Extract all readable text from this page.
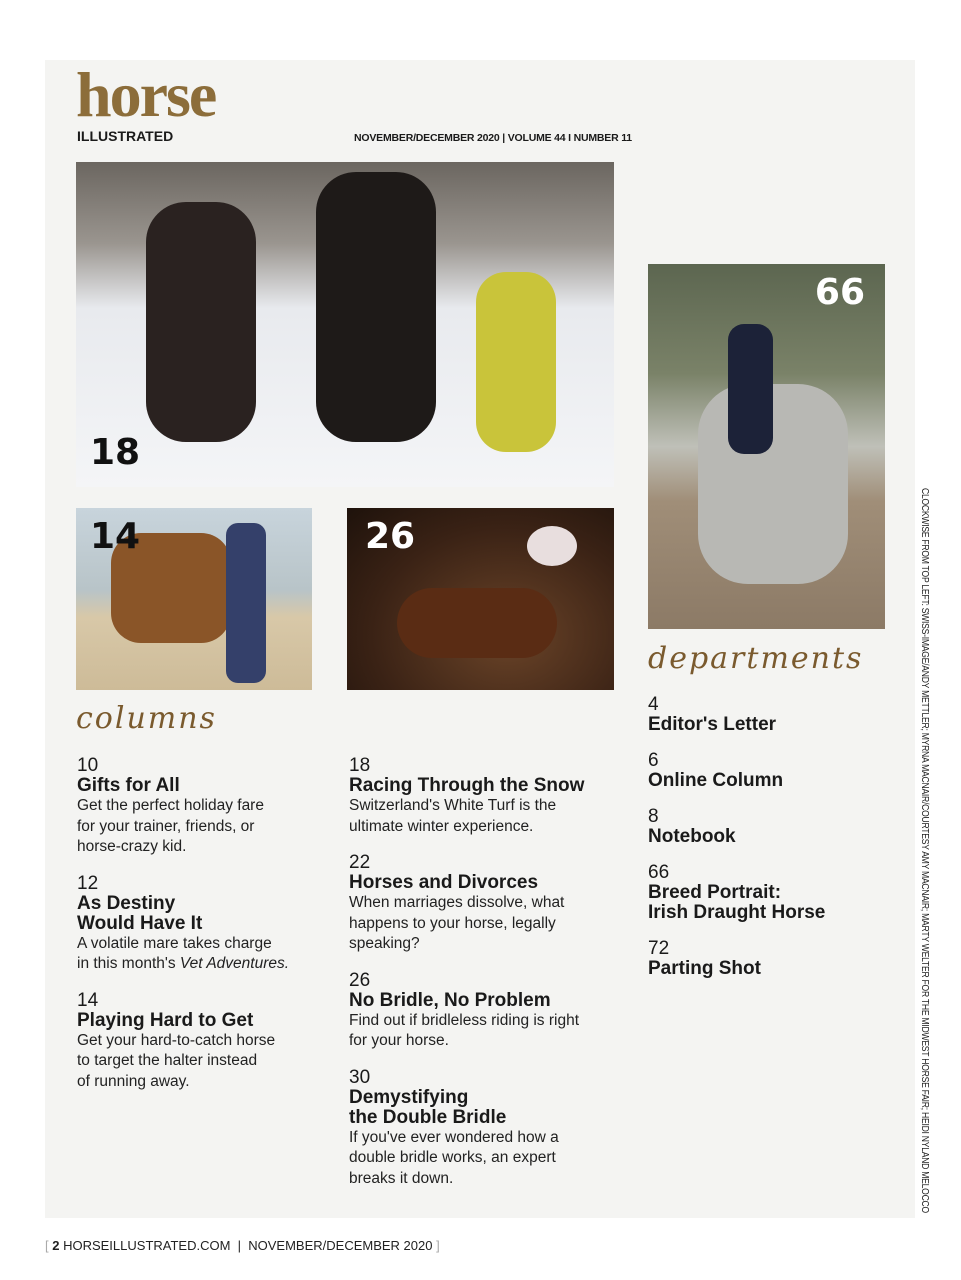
horse
ILLUSTRATED	NOVEMBER/DECEMBER 2020 | VOLUME 44 I NUMBER 11
18
14	26
66
columns
departments
10
Gifts for All
Get the perfect holiday fare
for your trainer, friends, or
horse-crazy kid.
12
As Destiny
Would Have It
A volatile mare takes charge
in this month's Vet Adventures.
14
Playing Hard to Get
Get your hard-to-catch horse
to target the halter instead
of running away.
18
Racing Through the Snow
Switzerland's White Turf is the
ultimate winter experience.
22
Horses and Divorces
When marriages dissolve, what
happens to your horse, legally
speaking?
26
No Bridle, No Problem
Find out if bridleless riding is right
for your horse.
30
Demystifying
the Double Bridle
If you've ever wondered how a
double bridle works, an expert
breaks it down.
4
Editor's Letter
6
Online Column
8
Notebook
66
Breed Portrait:
Irish Draught Horse
72
Parting Shot	CLOCKWISE FROM TOP LEFT: SWISS-IMAGE/ANDY METTLER; MYRNA MACNAIR/COURTESY AMY MACNAIR; MARTY WELTER FOR THE MIDWEST HORSE FAIR; HEIDI NYLAND MELOCCO
[ 2 HORSEILLUSTRATED.COM  |  NOVEMBER/DECEMBER 2020 ]
